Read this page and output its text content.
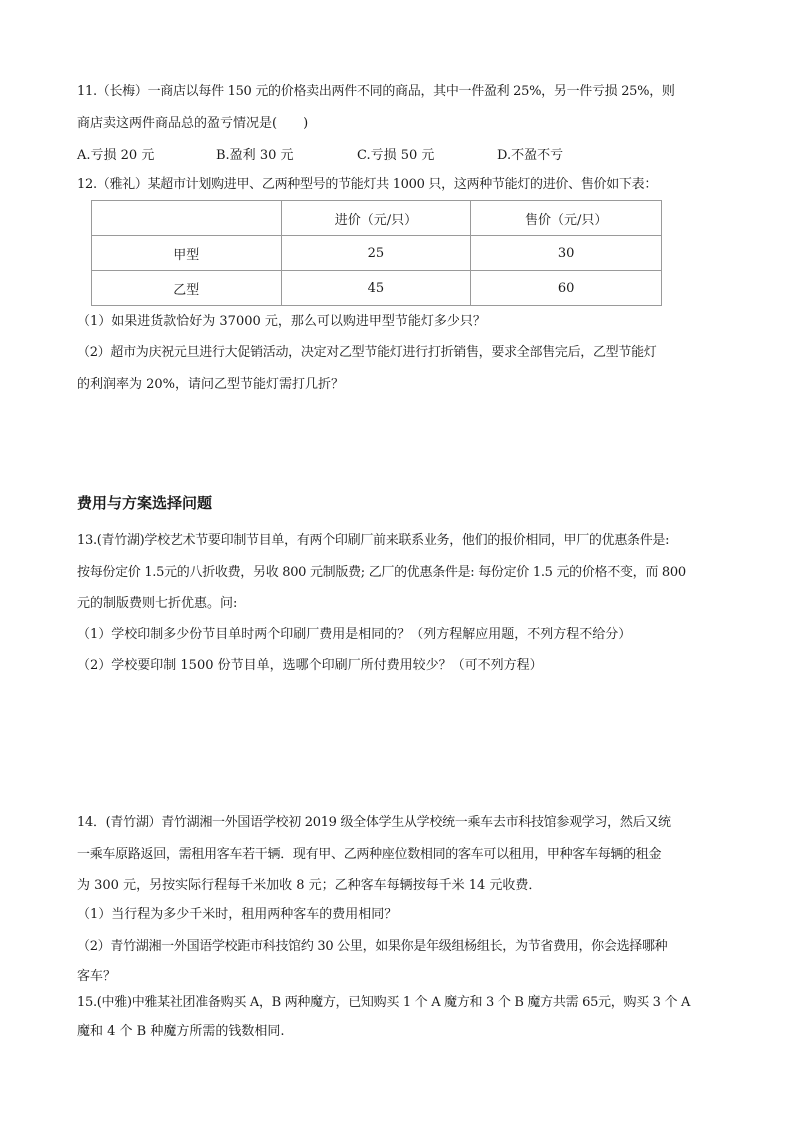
11.（长梅）一商店以每件 150 元的价格卖出两件不同的商品，其中一件盈利 25%，另一件亏损 25%，则
商店卖这两件商品总的盈亏情况是(　　)
A.亏损 20 元	B.盈利 30 元	C.亏损 50 元	D.不盈不亏
12.（雅礼）某超市计划购进甲、乙两种型号的节能灯共 1000 只，这两种节能灯的进价、售价如下表：
	进价（元/只）	售价（元/只）
甲型	25	30
乙型	45	60
（1）如果进货款恰好为 37000 元，那么可以购进甲型节能灯多少只？
（2）超市为庆祝元旦进行大促销活动，决定对乙型节能灯进行打折销售，要求全部售完后，乙型节能灯
的利润率为 20%，请问乙型节能灯需打几折？
费用与方案选择问题
13.(青竹湖)学校艺术节要印制节目单，有两个印刷厂前来联系业务，他们的报价相同，甲厂的优惠条件是:
按每份定价 1.5元的八折收费，另收 800 元制版费; 乙厂的优惠条件是: 每份定价 1.5 元的价格不变，而 800
元的制版费则七折优惠。问:
（1）学校印制多少份节目单时两个印刷厂费用是相同的？（列方程解应用题，不列方程不给分）
（2）学校要印制 1500 份节目单，选哪个印刷厂所付费用较少？（可不列方程）
14．(青竹湖）青竹湖湘一外国语学校初 2019 级全体学生从学校统一乘车去市科技馆参观学习，然后又统
一乘车原路返回，需租用客车若干辆．现有甲、乙两种座位数相同的客车可以租用，甲种客车每辆的租金
为 300 元，另按实际行程每千米加收 8 元；乙种客车每辆按每千米 14 元收费．
（1）当行程为多少千米时，租用两种客车的费用相同？
（2）青竹湖湘一外国语学校距市科技馆约 30 公里，如果你是年级组杨组长，为节省费用，你会选择哪种
客车？
15.(中雅)中雅某社团准备购买 A，B 两种魔方，已知购买 1 个 A 魔方和 3 个 B 魔方共需 65元，购买 3 个 A
魔和 4 个 B 种魔方所需的钱数相同.
